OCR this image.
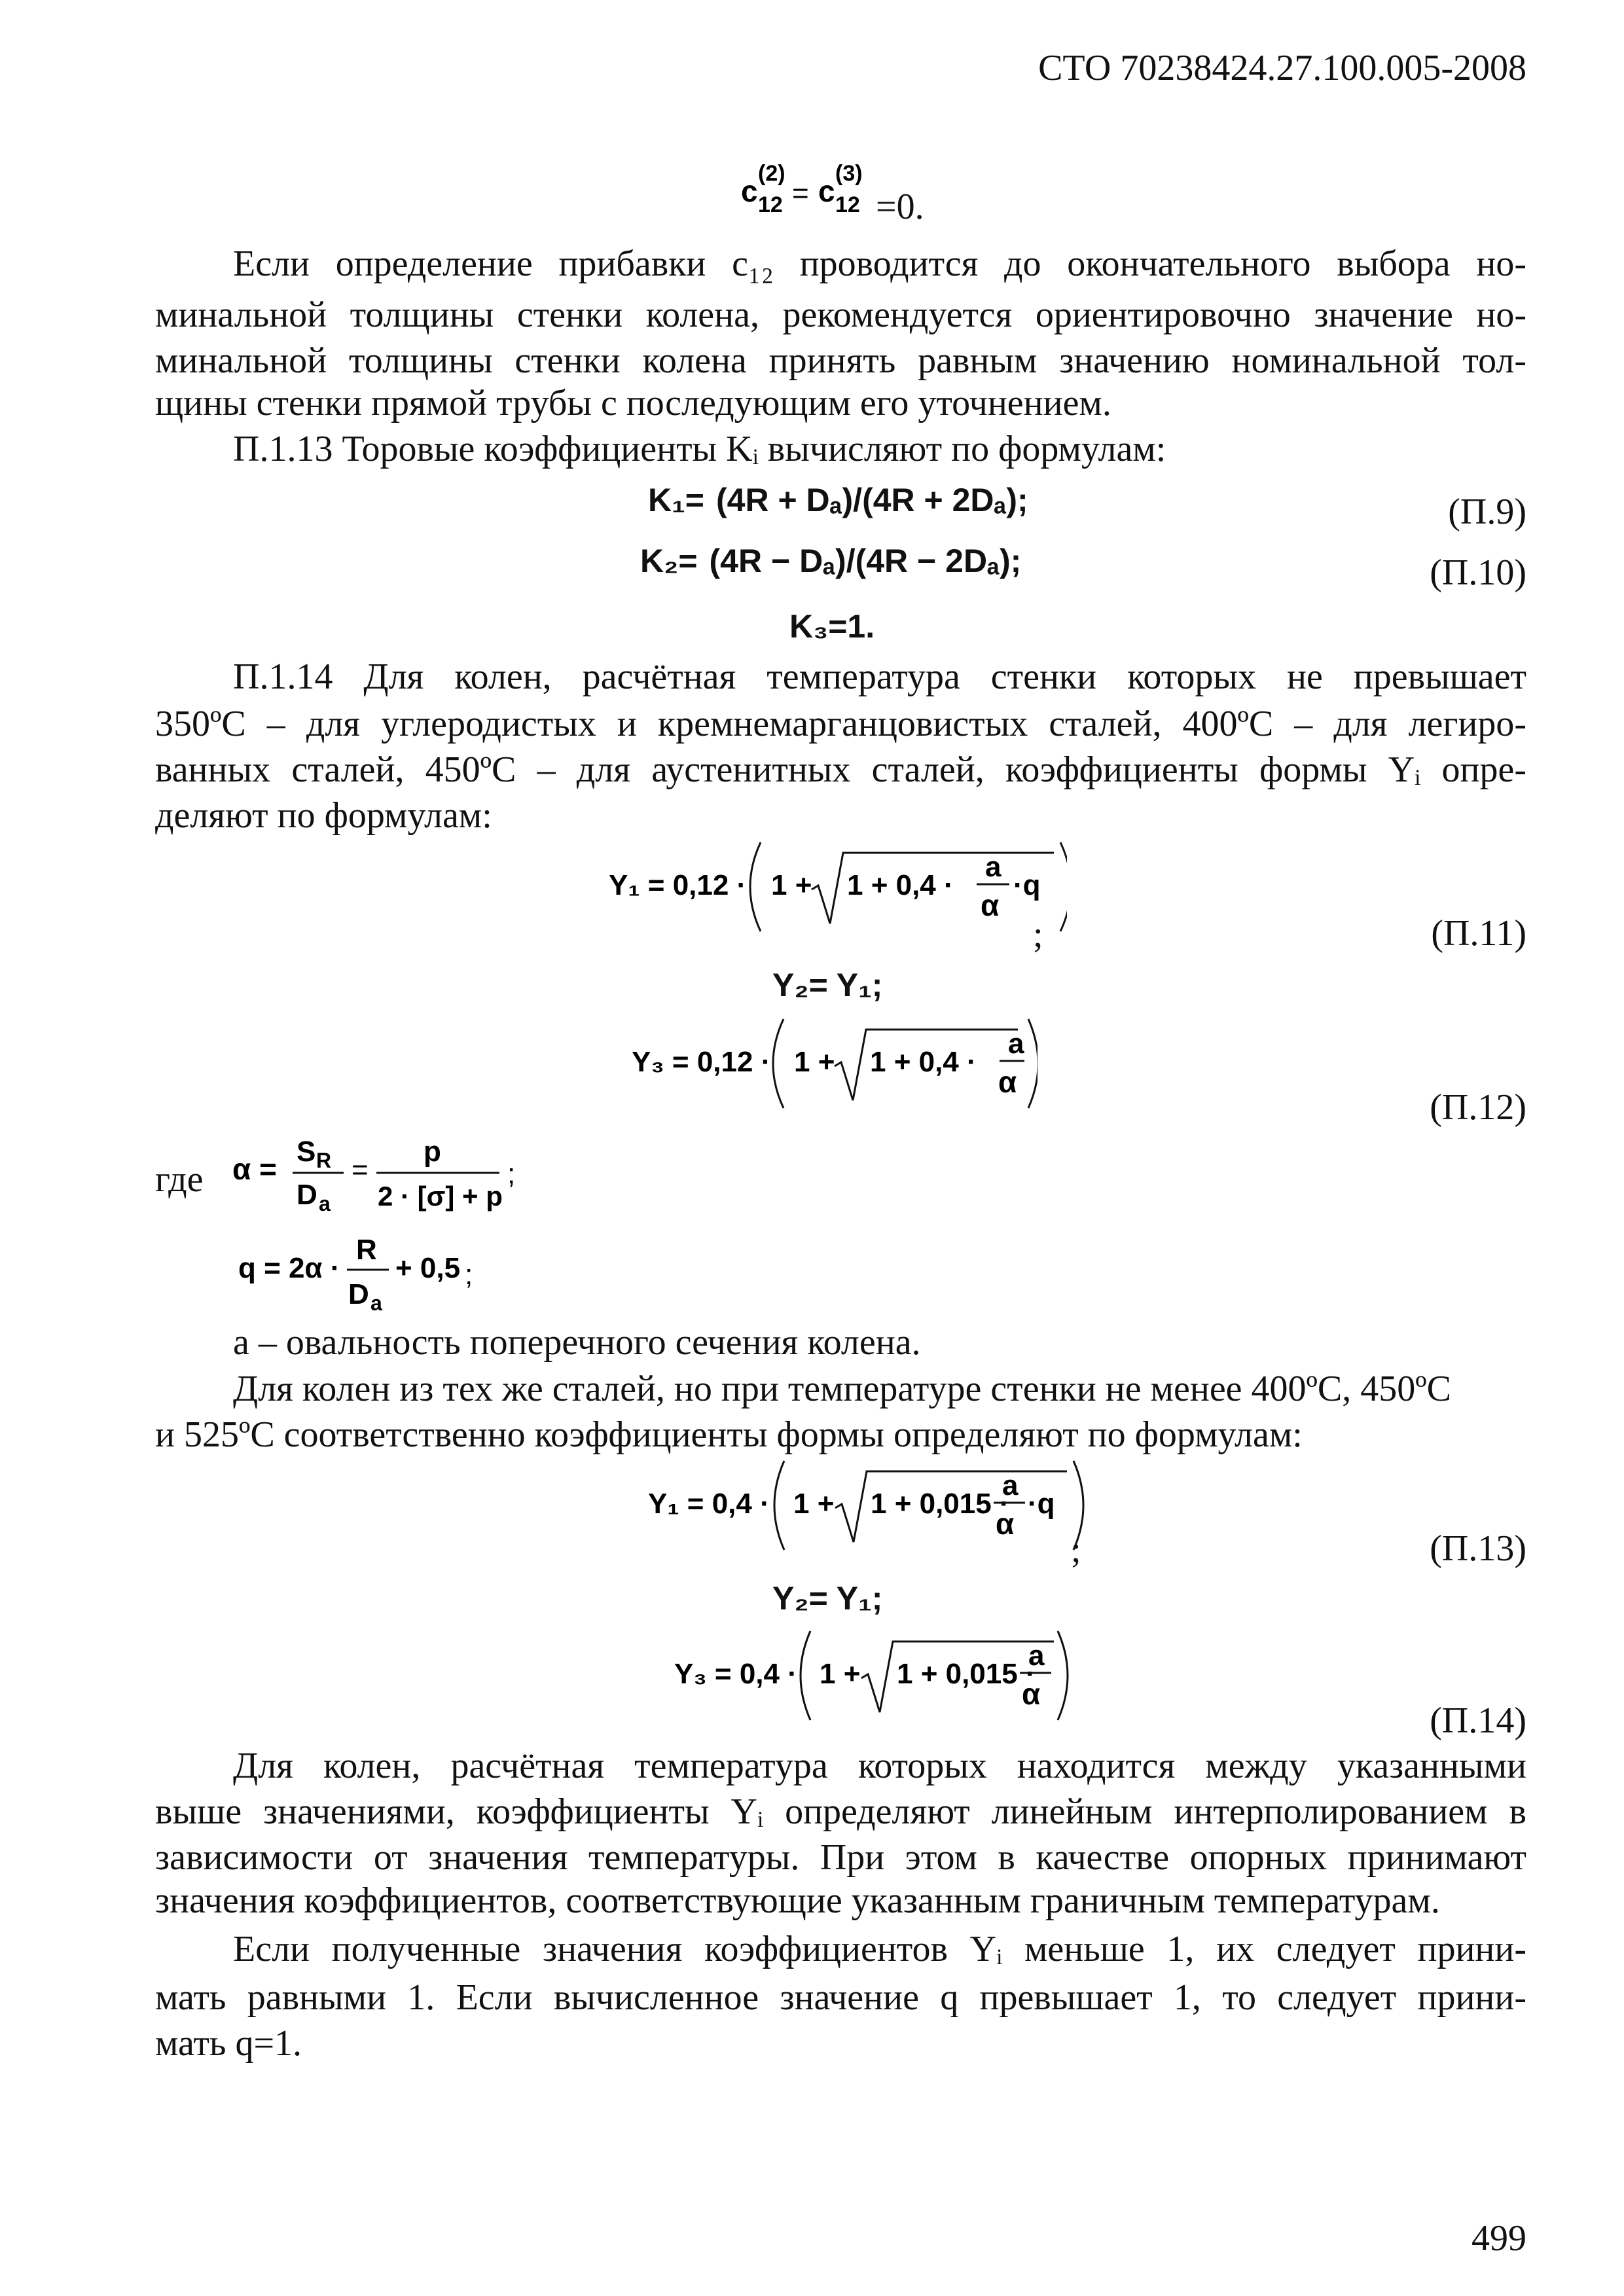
СТО 70238424.27.100.005-2008
c
(2)
12 = c
(3)
12 =0.
Если определение прибавки c₁₂ проводится до окончательного выбора но-
минальной толщины стенки колена, рекомендуется ориентировочно значение но-
минальной толщины стенки колена принять равным значению номинальной тол-
щины стенки прямой трубы с последующим его уточнением.
П.1.13 Торовые коэффициенты Kᵢ вычисляют по формулам:
K₁= (4R + Dₐ)/(4R + 2Dₐ);	(П.9)
K₂= (4R − Dₐ)/(4R − 2Dₐ);	(П.10)
K₃=1.
П.1.14 Для колен, расчётная температура стенки которых не превышает
350ºС – для углеродистых и кремнемарганцовистых сталей, 400ºС – для легиро-
ванных сталей, 450ºС – для аустенитных сталей, коэффициенты формы Yᵢ опре-
деляют по формулам:
Y₁ = 0,12 · 1 + 1 + 0,4 ·
a
α
·q
;	(П.11)
Y₂= Y₁;
Y₃ = 0,12 · 1 + 1 + 0,4 ·
a
α
(П.12)
где α =
S R
D a
=
p
2 · [σ] + p
;
q = 2α ·
R
D a
+ 0,5 ;
a – овальность поперечного сечения колена.
Для колен из тех же сталей, но при температуре стенки не менее 400ºС, 450ºС
и 525ºС соответственно коэффициенты формы определяют по формулам:
Y₁ = 0,4 · 1 + 1 + 0,015 ·
a
α
·q
;	(П.13)
Y₂= Y₁;
Y₃ = 0,4 · 1 + 1 + 0,015 ·
a
α
(П.14)
Для колен, расчётная температура которых находится между указанными
выше значениями, коэффициенты Yᵢ определяют линейным интерполированием в
зависимости от значения температуры. При этом в качестве опорных принимают
значения коэффициентов, соответствующие указанным граничным температурам.
Если полученные значения коэффициентов Yᵢ меньше 1, их следует прини-
мать равными 1. Если вычисленное значение q превышает 1, то следует прини-
мать q=1.
499
